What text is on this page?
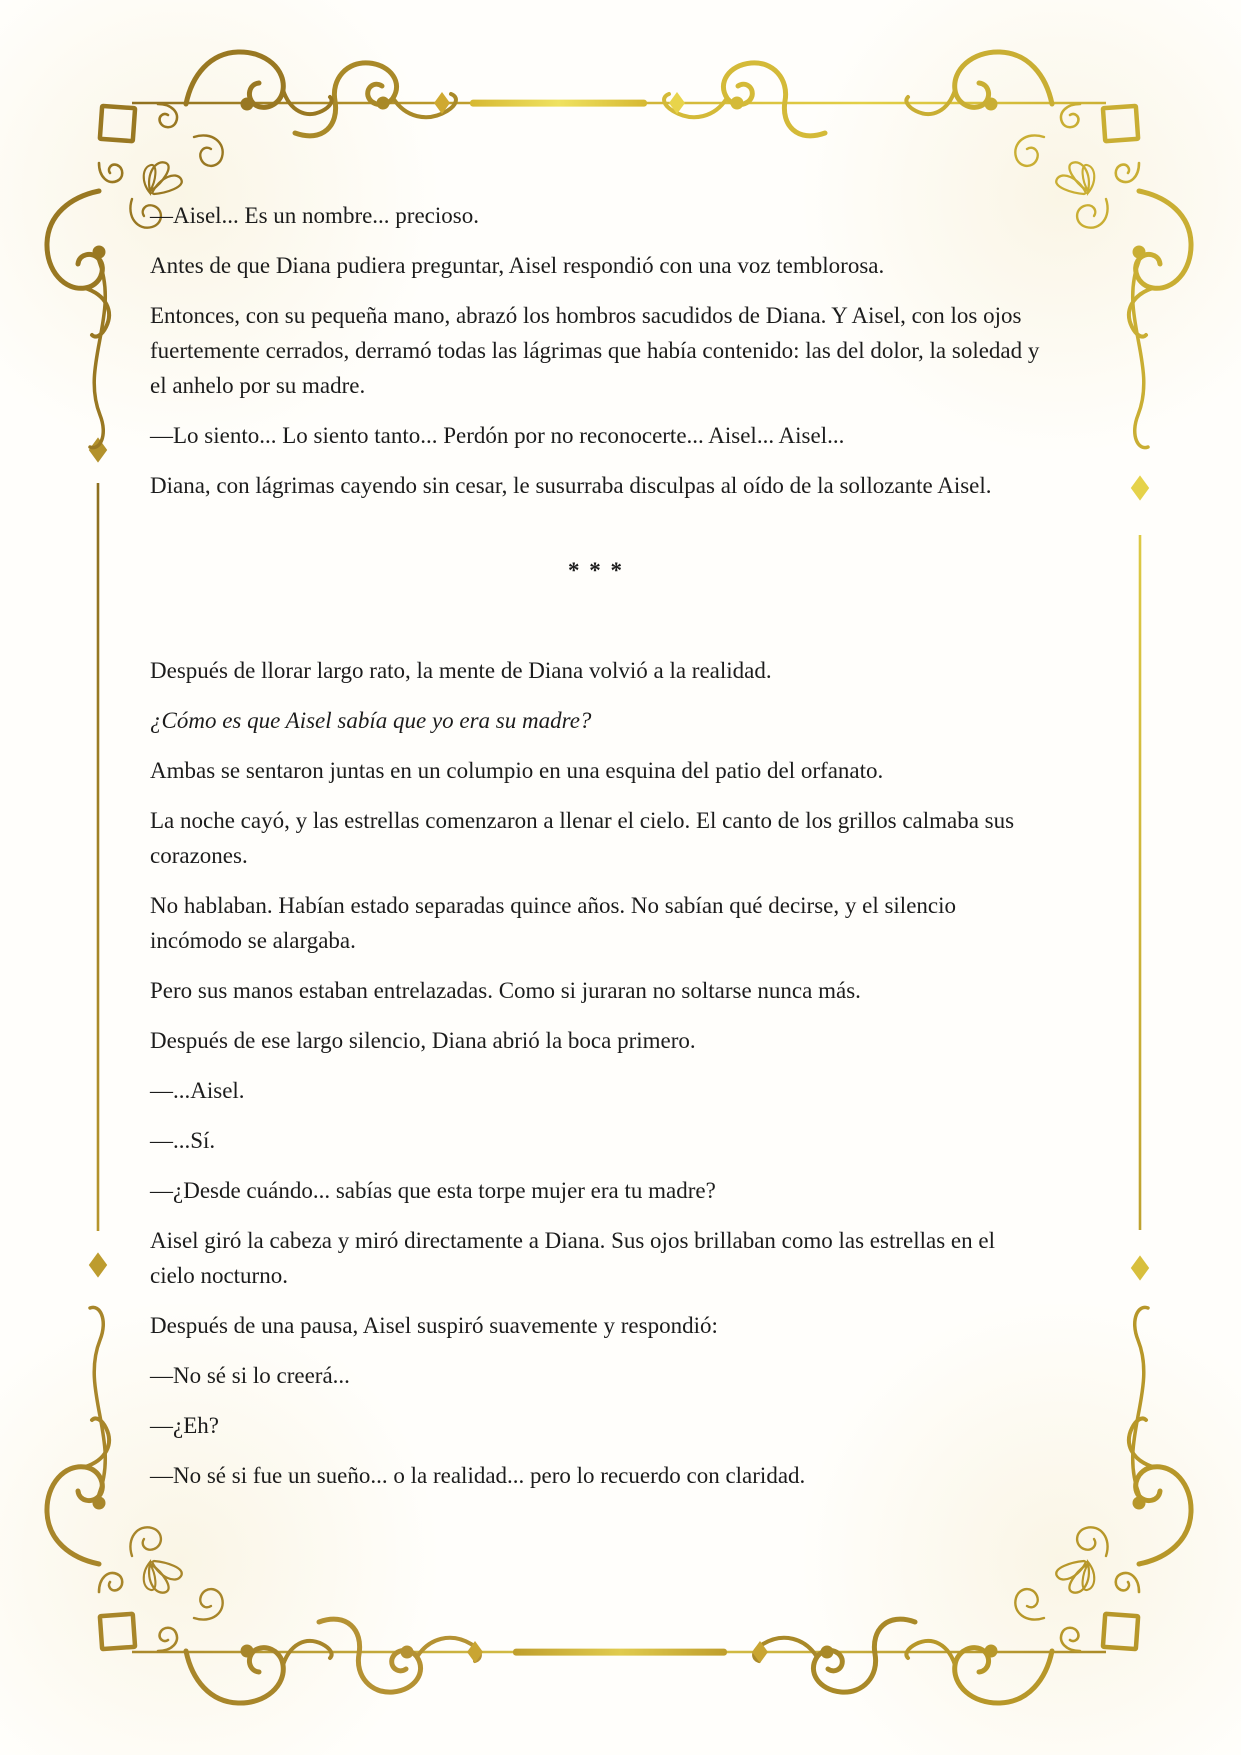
—Aisel... Es un nombre... precioso.

Antes de que Diana pudiera preguntar, Aisel respondió con una voz temblorosa.

Entonces, con su pequeña mano, abrazó los hombros sacudidos de Diana. Y Aisel, con los ojos fuertemente cerrados, derramó todas las lágrimas que había contenido: las del dolor, la soledad y el anhelo por su madre.

—Lo siento... Lo siento tanto... Perdón por no reconocerte... Aisel... Aisel...

Diana, con lágrimas cayendo sin cesar, le susurraba disculpas al oído de la sollozante Aisel.

* * *

Después de llorar largo rato, la mente de Diana volvió a la realidad.

¿Cómo es que Aisel sabía que yo era su madre?

Ambas se sentaron juntas en un columpio en una esquina del patio del orfanato.

La noche cayó, y las estrellas comenzaron a llenar el cielo. El canto de los grillos calmaba sus corazones.

No hablaban. Habían estado separadas quince años. No sabían qué decirse, y el silencio incómodo se alargaba.

Pero sus manos estaban entrelazadas. Como si juraran no soltarse nunca más.

Después de ese largo silencio, Diana abrió la boca primero.

—...Aisel.

—...Sí.

—¿Desde cuándo... sabías que esta torpe mujer era tu madre?

Aisel giró la cabeza y miró directamente a Diana. Sus ojos brillaban como las estrellas en el cielo nocturno.

Después de una pausa, Aisel suspiró suavemente y respondió:

—No sé si lo creerá...

—¿Eh?

—No sé si fue un sueño... o la realidad... pero lo recuerdo con claridad.
